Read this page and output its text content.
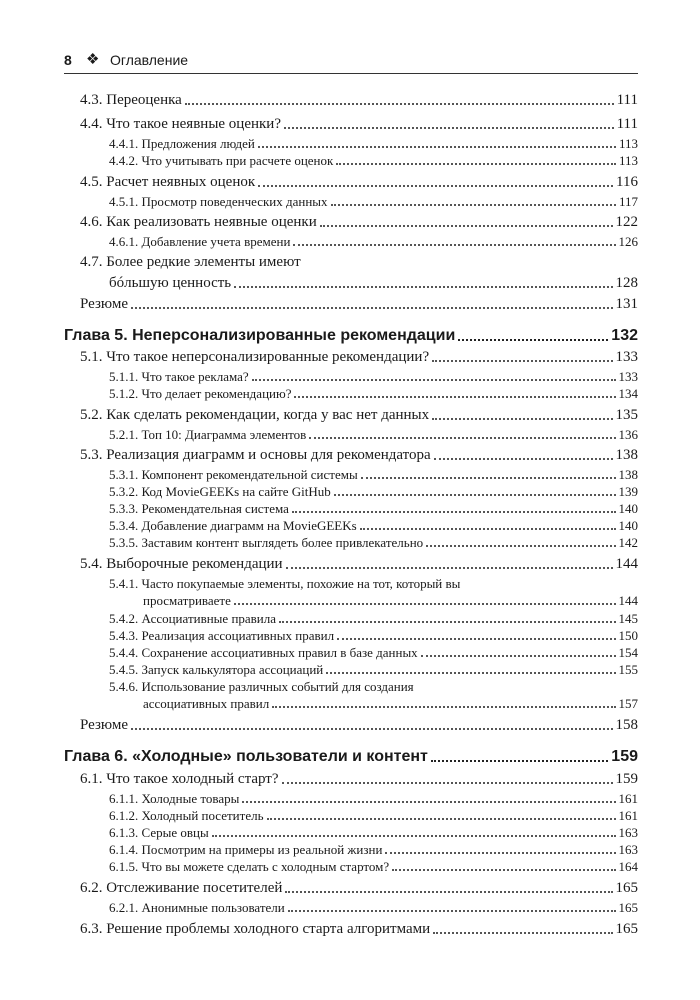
8 ❖ Оглавление
4.3. Переоценка	111
4.4. Что такое неявные оценки?	111
4.4.1. Предложения людей	113
4.4.2. Что учитывать при расчете оценок	113
4.5. Расчет неявных оценок	116
4.5.1. Просмотр поведенческих данных	117
4.6. Как реализовать неявные оценки	122
4.6.1. Добавление учета времени	126
4.7. Более редкие элементы имеют
бóльшую ценность	128
Резюме	131
Глава 5. Неперсонализированные рекомендации	132
5.1. Что такое неперсонализированные рекомендации?	133
5.1.1. Что такое реклама?	133
5.1.2. Что делает рекомендацию?	134
5.2. Как сделать рекомендации, когда у вас нет данных	135
5.2.1. Топ 10: Диаграмма элементов	136
5.3. Реализация диаграмм и основы для рекомендатора	138
5.3.1. Компонент рекомендательной системы	138
5.3.2. Код MovieGEEKs на сайте GitHub	139
5.3.3. Рекомендательная система	140
5.3.4. Добавление диаграмм на MovieGEEKs	140
5.3.5. Заставим контент выглядеть более привлекательно	142
5.4. Выборочные рекомендации	144
5.4.1. Часто покупаемые элементы, похожие на тот, который вы
просматриваете	144
5.4.2. Ассоциативные правила	145
5.4.3. Реализация ассоциативных правил	150
5.4.4. Сохранение ассоциативных правил в базе данных	154
5.4.5. Запуск калькулятора ассоциаций	155
5.4.6. Использование различных событий для создания
ассоциативных правил	157
Резюме	158
Глава 6. «Холодные» пользователи и контент	159
6.1. Что такое холодный старт?	159
6.1.1. Холодные товары	161
6.1.2. Холодный посетитель	161
6.1.3. Серые овцы	163
6.1.4. Посмотрим на примеры из реальной жизни	163
6.1.5. Что вы можете сделать с холодным стартом?	164
6.2. Отслеживание посетителей	165
6.2.1. Анонимные пользователи	165
6.3. Решение проблемы холодного старта алгоритмами	165
